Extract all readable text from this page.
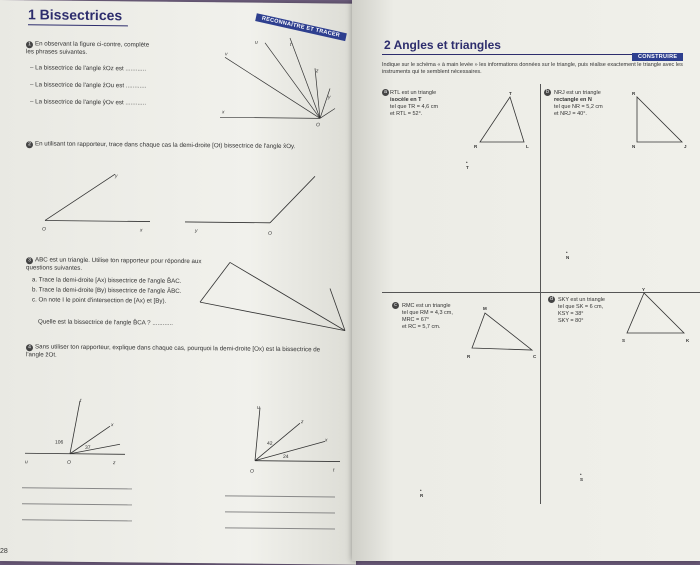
1 Bissectrices
RECONNAÎTRE ET TRACER
1 En observant la figure ci-contre, complète les phrases suivantes.
– La bissectrice de l'angle x̂Oz est ............
– La bissectrice de l'angle ẑOu est ............
– La bissectrice de l'angle ŷOv est ............
u	t
z
v
y
x
O
2 En utilisant ton rapporteur, trace dans chaque cas la demi-droite [Ot) bissectrice de l'angle x̂Oy.
y
O	x
O
y
3 ABC est un triangle. Utilise ton rapporteur pour répondre aux questions suivantes.
a. Trace la demi-droite [Ax) bissectrice de l'angle B̂AC.
b. Trace la demi-droite [By) bissectrice de l'angle ÂBC.
c. On note I le point d'intersection de [Ax) et [By).
Quelle est la bissectrice de l'angle B̂CA ? ............
4 Sans utiliser ton rapporteur, explique dans chaque cas, pourquoi la demi-droite [Ox) est la bissectrice de l'angle ẑOt.
106
37
t
x
O	z
u
42
24
u
z
x
O	t
28
2 Angles et triangles
CONSTRUIRE
Indique sur le schéma « à main levée » les informations données sur le triangle, puis réalise exactement le triangle avec les instruments qui te semblent nécessaires.
RTL est un triangle
isocèle en T
tel que TR = 4,6 cm
et RTL = 52°.
a	T
R	L
•
T
b NRJ est un triangle
rectangle en N
tel que NR = 5,2 cm
et NRJ = 40°.
R
N	J
•
N
c RMC est un triangle
tel que RM = 4,3 cm,
MRC = 67°
et RC = 5,7 cm.
M
R	C
•
R
d SKY est un triangle
tel que SK = 6 cm,
KSY = 38°
SKY = 80°
Y
S	K
•
S
